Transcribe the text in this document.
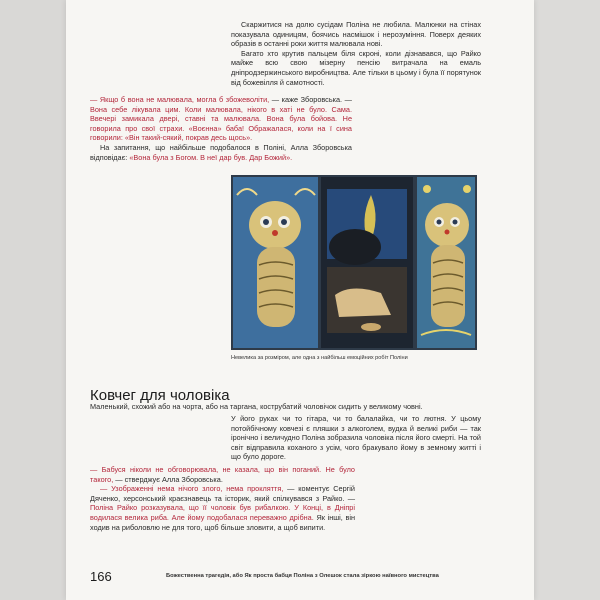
Скаржитися на долю сусідам Поліна не любила. Малюнки на стінах показувала одиницям, боячись насмішок і нерозуміння. Поверх деяких образів в останні роки життя малювала нові.

Багато хто крутив пальцем біля скроні, коли дізнавався, що Райко майже всю свою мізерну пенсію витрачала на емаль дніпродзержинського виробництва. Але тільки в цьому і була її порятунок від божевілля й самотності.

— Якщо б вона не малювала, могла б збожеволіти, — каже Зборовська. — Вона себе лікувала цим. Коли малювала, нікого в хаті не було. Сама. Ввечері замикала двері, ставні та малювала. Вона була бойова. Не говорила про свої страхи. «Воєнна» баба! Ображалася, коли на ї сина говорили: «Він такий-сякий, покрав десь щось».

На запитання, що найбільше подобалося в Поліні, Алла Зборовська відповідає: «Вона була з Богом. В неї дар був. Дар Божий».

Невелика за розміром, але одна з найбільш емоційних робіт Поліни
Ковчег для чоловіка

Маленький, схожий або на чорта, або на таргана, кострубатий чоловічок сидить у великому човні.

У його руках чи то гітара, чи то балалайка, чи то лютня. У цьому потойбічному ковчезі є пляшки з алкоголем, вудка й великі риби — так іронічно і величудно Поліна зобразила чоловіка після його смерті. На той світ відправила коханого з усім, чого бракувало йому в земному житті і що було дороге.

— Бабуся ніколи не обговорювала, не казала, що він поганий. Не було такого, — стверджує Алла Зборовська.

— Узображенні нема нічого злого, нема прокляття, — коментує Сергій Дяченко, херсонський краєзнавець та історик, який спілкувався з Райко. — Поліна Райко розказувала, що її чоловік був рибалкою. У Концi, в Дніпрі водилася велика риба. Але йому подобалася переважно дрібна. Як інші, він ходив на риболовлю не для того, щоб більше зловити, а щоб випити.

166	Божественна трагедія, або Як проста бабця Поліна з Олешок стала зіркою наївного мистецтва
